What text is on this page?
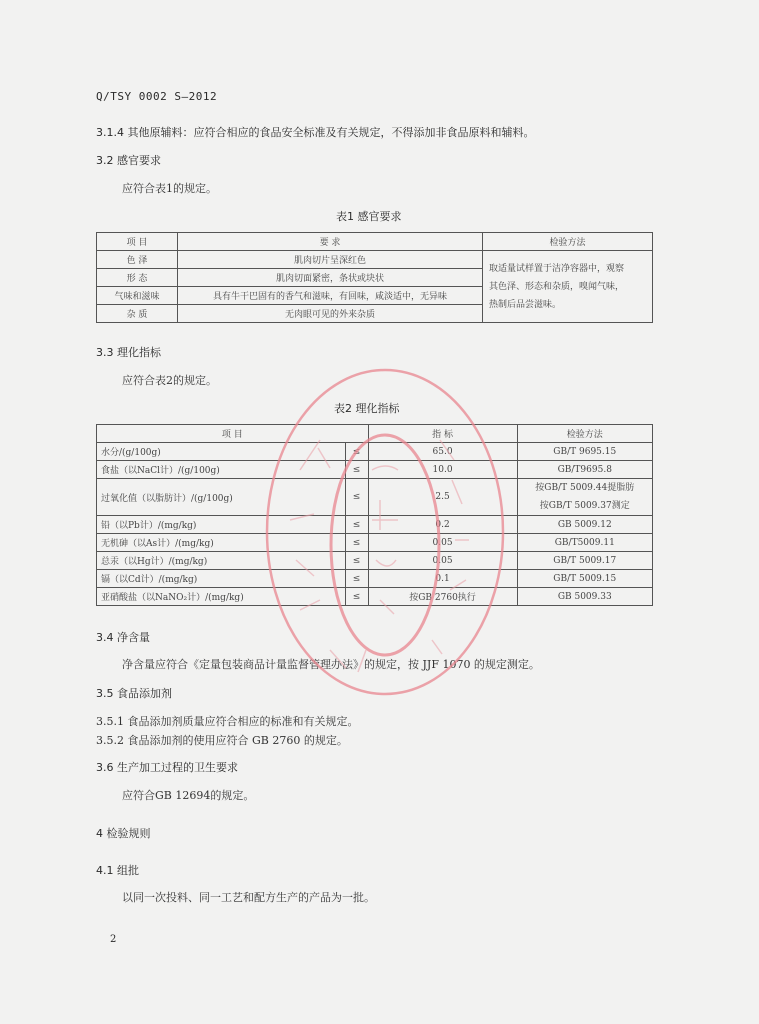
Q/TSY 0002 S—2012
3.1.4 其他原辅料：应符合相应的食品安全标准及有关规定，不得添加非食品原料和辅料。
3.2 感官要求
应符合表1的规定。
表1 感官要求
项 目	要 求	检验方法
色 泽	肌肉切片呈深红色	取适量试样置于洁净容器中，观察
其色泽、形态和杂质，嗅闻气味，
热制后品尝滋味。

形 态	肌肉切面紧密，条状或块状	
气味和滋味	具有牛干巴固有的香气和滋味，有回味，咸淡适中，无异味	
杂 质	无肉眼可见的外来杂质	
3.3 理化指标
应符合表2的规定。
表2 理化指标
项 目		指 标	检验方法
水分/(g/100g)	≤	65.0	GB/T 9695.15
食盐（以NaCl计）/(g/100g)	≤	10.0	GB/T9695.8
过氧化值（以脂肪计）/(g/100g)	≤	2.5	按GB/T 5009.44提脂肪
按GB/T 5009.37测定

铅（以Pb计）/(mg/kg)	≤	0.2	GB 5009.12
无机砷（以As计）/(mg/kg)	≤	0.05	GB/T5009.11
总汞（以Hg计）/(mg/kg)	≤	0.05	GB/T 5009.17
镉（以Cd计）/(mg/kg)	≤	0.1	GB/T 5009.15
亚硝酸盐（以NaNO₂计）/(mg/kg)	≤	按GB 2760执行	GB 5009.33
3.4 净含量
净含量应符合《定量包装商品计量监督管理办法》的规定，按 JJF 1070 的规定测定。
3.5 食品添加剂
3.5.1 食品添加剂质量应符合相应的标准和有关规定。
3.5.2 食品添加剂的使用应符合 GB 2760 的规定。
3.6 生产加工过程的卫生要求
应符合GB 12694的规定。
4 检验规则
4.1 组批
以同一次投料、同一工艺和配方生产的产品为一批。
2
